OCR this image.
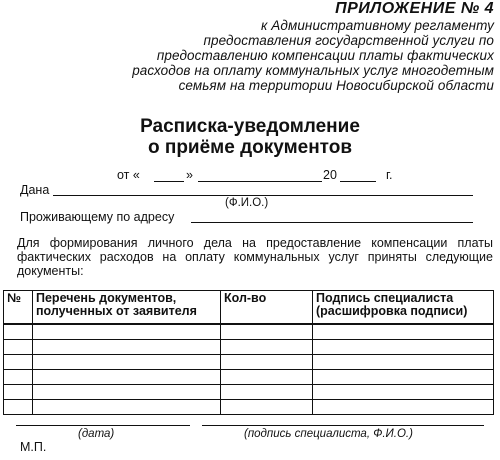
ПРИЛОЖЕНИЕ № 4
к Административному регламенту
предоставления государственной услуги по
предоставлению компенсации платы фактических
расходов на оплату коммунальных услуг многодетным
семьям на территории Новосибирской области
Расписка-уведомление
о приёме документов
от «	»	20	г.
Дана
(Ф.И.О.)
Проживающему по адресу
Для формирования личного дела на предоставление компенсации платы фактических расходов на оплату коммунальных услуг приняты следующие документы:
№	Перечень документов, полученных от заявителя	Кол-во	Подпись специалиста (расшифровка подписи)

(дата)	(подпись специалиста, Ф.И.О.)
М.П.
